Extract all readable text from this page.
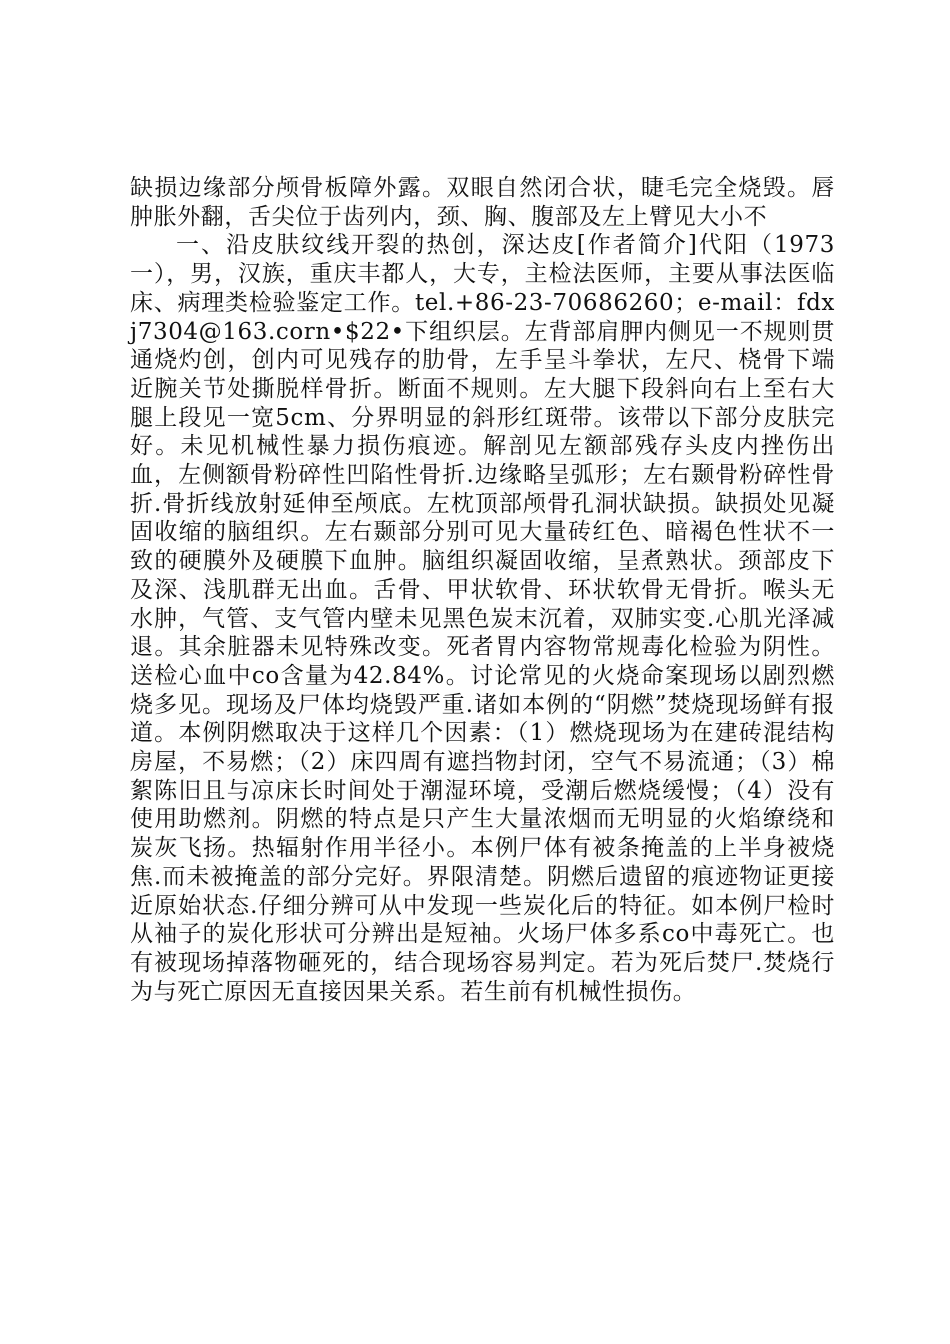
缺损边缘部分颅骨板障外露。双眼自然闭合状，睫毛完全烧毁。唇肿胀外翻，舌尖位于齿列内，颈、胸、腹部及左上臂见大小不

一、沿皮肤纹线开裂的热创，深达皮[作者简介]代阳（1973一），男，汉族，重庆丰都人，大专，主检法医师，主要从事法医临床、病理类检验鉴定工作。tel.+86-23-70686260；e-mail：fdxj7304@163.corn•$22•下组织层。左背部肩胛内侧见一不规则贯通烧灼创，创内可见残存的肋骨，左手呈斗拳状，左尺、桡骨下端近腕关节处撕脱样骨折。断面不规则。左大腿下段斜向右上至右大腿上段见一宽5cm、分界明显的斜形红斑带。该带以下部分皮肤完好。未见机械性暴力损伤痕迹。解剖见左额部残存头皮内挫伤出血，左侧额骨粉碎性凹陷性骨折.边缘略呈弧形；左右颞骨粉碎性骨折.骨折线放射延伸至颅底。左枕顶部颅骨孔洞状缺损。缺损处见凝固收缩的脑组织。左右颞部分别可见大量砖红色、暗褐色性状不一致的硬膜外及硬膜下血肿。脑组织凝固收缩，呈煮熟状。颈部皮下及深、浅肌群无出血。舌骨、甲状软骨、环状软骨无骨折。喉头无水肿，气管、支气管内壁未见黑色炭末沉着，双肺实变.心肌光泽减退。其余脏器未见特殊改变。死者胃内容物常规毒化检验为阴性。送检心血中co含量为42.84%。讨论常见的火烧命案现场以剧烈燃烧多见。现场及尸体均烧毁严重.诸如本例的“阴燃”焚烧现场鲜有报道。本例阴燃取决于这样几个因素：（1）燃烧现场为在建砖混结构房屋，不易燃；（2）床四周有遮挡物封闭，空气不易流通；（3）棉絮陈旧且与凉床长时间处于潮湿环境，受潮后燃烧缓慢；（4）没有使用助燃剂。阴燃的特点是只产生大量浓烟而无明显的火焰缭绕和炭灰飞扬。热辐射作用半径小。本例尸体有被条掩盖的上半身被烧焦.而未被掩盖的部分完好。界限清楚。阴燃后遗留的痕迹物证更接近原始状态.仔细分辨可从中发现一些炭化后的特征。如本例尸检时从袖子的炭化形状可分辨出是短袖。火场尸体多系co中毒死亡。也有被现场掉落物砸死的，结合现场容易判定。若为死后焚尸.焚烧行为与死亡原因无直接因果关系。若生前有机械性损伤。
